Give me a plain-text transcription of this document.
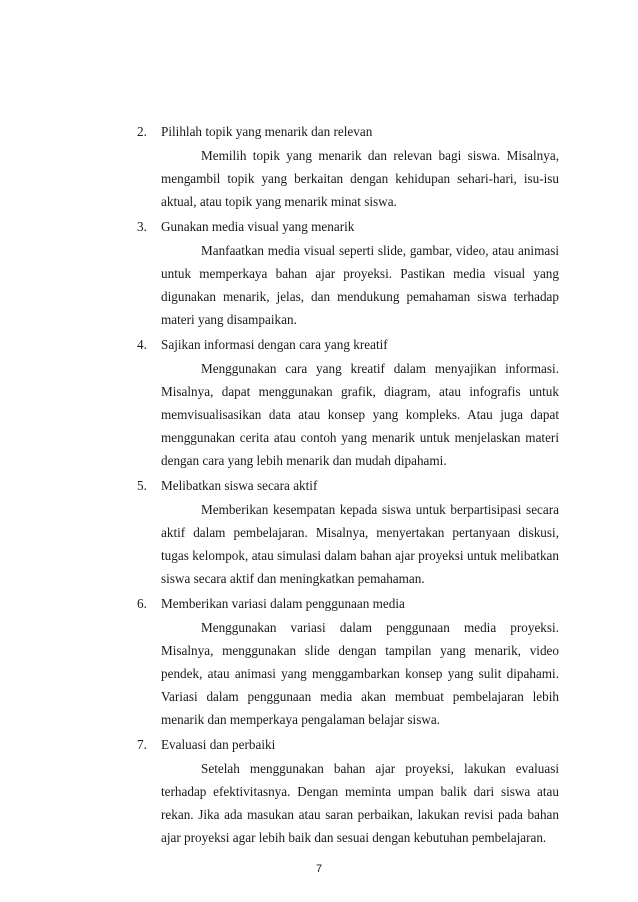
2.	Pilihlah topik yang menarik dan relevan

Memilih topik yang menarik dan relevan bagi siswa. Misalnya, mengambil topik yang berkaitan dengan kehidupan sehari-hari, isu-isu aktual, atau topik yang menarik minat siswa.

3.	Gunakan media visual yang menarik

Manfaatkan media visual seperti slide, gambar, video, atau animasi untuk memperkaya bahan ajar proyeksi. Pastikan media visual yang digunakan menarik, jelas, dan mendukung pemahaman siswa terhadap materi yang disampaikan.

4.	Sajikan informasi dengan cara yang kreatif

Menggunakan cara yang kreatif dalam menyajikan informasi. Misalnya, dapat menggunakan grafik, diagram, atau infografis untuk memvisualisasikan data atau konsep yang kompleks. Atau juga dapat menggunakan cerita atau contoh yang menarik untuk menjelaskan materi dengan cara yang lebih menarik dan mudah dipahami.

5.	Melibatkan siswa secara aktif

Memberikan kesempatan kepada siswa untuk berpartisipasi secara aktif dalam pembelajaran. Misalnya, menyertakan pertanyaan diskusi, tugas kelompok, atau simulasi dalam bahan ajar proyeksi untuk melibatkan siswa secara aktif dan meningkatkan pemahaman.

6.	Memberikan variasi dalam penggunaan media

Menggunakan variasi dalam penggunaan media proyeksi. Misalnya, menggunakan slide dengan tampilan yang menarik, video pendek, atau animasi yang menggambarkan konsep yang sulit dipahami. Variasi dalam penggunaan media akan membuat pembelajaran lebih menarik dan memperkaya pengalaman belajar siswa.

7.	Evaluasi dan perbaiki

Setelah menggunakan bahan ajar proyeksi, lakukan evaluasi terhadap efektivitasnya. Dengan meminta umpan balik dari siswa atau rekan. Jika ada masukan atau saran perbaikan, lakukan revisi pada bahan ajar proyeksi agar lebih baik dan sesuai dengan kebutuhan pembelajaran.

7
